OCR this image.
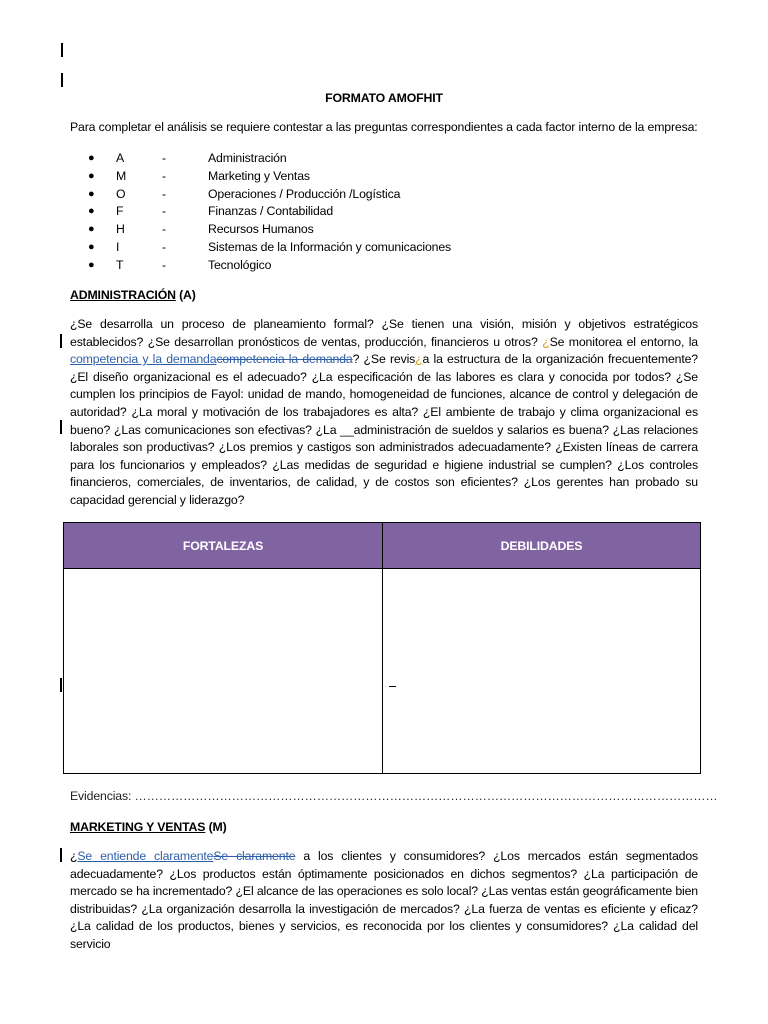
FORMATO AMOFHIT
Para completar el análisis se requiere contestar a las preguntas correspondientes a cada factor interno de la empresa:
● A	-	Administración
● M	-	Marketing y Ventas
● O	-	Operaciones / Producción /Logística
● F	-	Finanzas / Contabilidad
● H	-	Recursos Humanos
● I	-	Sistemas de la Información y comunicaciones
● T	-	Tecnológico
ADMINISTRACIÓN (A)
¿Se desarrolla un proceso de planeamiento formal? ¿Se tienen una visión, misión y objetivos estratégicos establecidos? ¿Se desarrollan pronósticos de ventas, producción, financieros u otros? ¿Se monitorea el entorno, la competencia y la demandacompetencia la demanda? ¿Se revis¿a la estructura de la organización frecuentemente? ¿El diseño organizacional es el adecuado? ¿La especificación de las labores es clara y conocida por todos? ¿Se cumplen los principios de Fayol: unidad de mando, homogeneidad de funciones, alcance de control y delegación de autoridad? ¿La moral y motivación de los trabajadores es alta? ¿El ambiente de trabajo y clima organizacional es bueno? ¿Las comunicaciones son efectivas? ¿La __administración de sueldos y salarios es buena? ¿Las relaciones laborales son productivas? ¿Los premios y castigos son administrados adecuadamente? ¿Existen líneas de carrera para los funcionarios y empleados? ¿Las medidas de seguridad e higiene industrial se cumplen? ¿Los controles financieros, comerciales, de inventarios, de calidad, y de costos son eficientes? ¿Los gerentes han probado su capacidad gerencial y liderazgo?
FORTALEZAS	DEBILIDADES
Evidencias: ………………………………………………………………………………………………………………………………
MARKETING Y VENTAS (M)
¿Se entiende claramenteSe claramente a los clientes y consumidores? ¿Los mercados están segmentados adecuadamente? ¿Los productos están óptimamente posicionados en dichos segmentos? ¿La participación de mercado se ha incrementado? ¿El alcance de las operaciones es solo local? ¿Las ventas están geográficamente bien distribuidas? ¿La organización desarrolla la investigación de mercados? ¿La fuerza de ventas es eficiente y eficaz? ¿La calidad de los productos, bienes y servicios, es reconocida por los clientes y consumidores? ¿La calidad del servicio
